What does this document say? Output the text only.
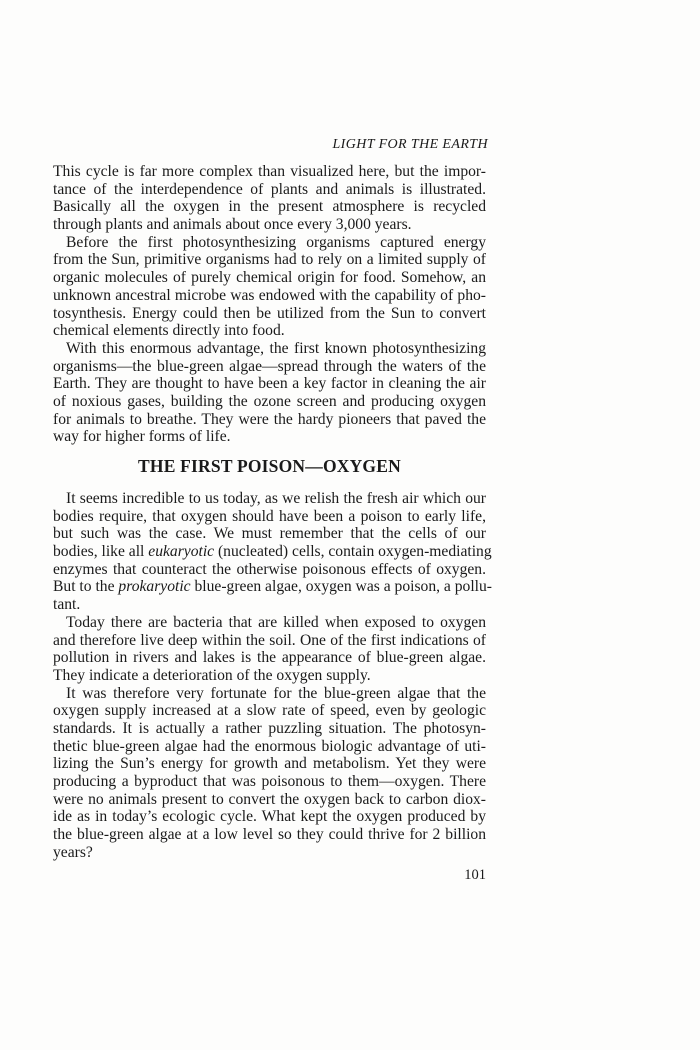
LIGHT FOR THE EARTH
This cycle is far more complex than visualized here, but the impor-
tance of the interdependence of plants and animals is illustrated.
Basically all the oxygen in the present atmosphere is recycled
through plants and animals about once every 3,000 years.
Before the first photosynthesizing organisms captured energy
from the Sun, primitive organisms had to rely on a limited supply of
organic molecules of purely chemical origin for food. Somehow, an
unknown ancestral microbe was endowed with the capability of pho-
tosynthesis. Energy could then be utilized from the Sun to convert
chemical elements directly into food.
With this enormous advantage, the first known photosynthesizing
organisms—the blue-green algae—spread through the waters of the
Earth. They are thought to have been a key factor in cleaning the air
of noxious gases, building the ozone screen and producing oxygen
for animals to breathe. They were the hardy pioneers that paved the
way for higher forms of life.
THE FIRST POISON—OXYGEN
It seems incredible to us today, as we relish the fresh air which our
bodies require, that oxygen should have been a poison to early life,
but such was the case. We must remember that the cells of our
bodies, like all eukaryotic (nucleated) cells, contain oxygen-mediating
enzymes that counteract the otherwise poisonous effects of oxygen.
But to the prokaryotic blue-green algae, oxygen was a poison, a pollu-
tant.
Today there are bacteria that are killed when exposed to oxygen
and therefore live deep within the soil. One of the first indications of
pollution in rivers and lakes is the appearance of blue-green algae.
They indicate a deterioration of the oxygen supply.
It was therefore very fortunate for the blue-green algae that the
oxygen supply increased at a slow rate of speed, even by geologic
standards. It is actually a rather puzzling situation. The photosyn-
thetic blue-green algae had the enormous biologic advantage of uti-
lizing the Sun’s energy for growth and metabolism. Yet they were
producing a byproduct that was poisonous to them—oxygen. There
were no animals present to convert the oxygen back to carbon diox-
ide as in today’s ecologic cycle. What kept the oxygen produced by
the blue-green algae at a low level so they could thrive for 2 billion
years?
101
